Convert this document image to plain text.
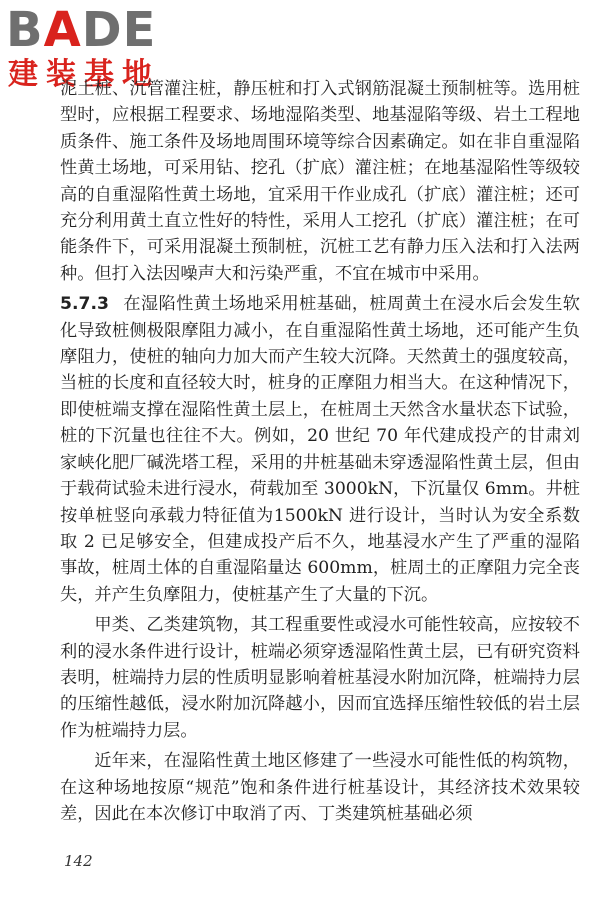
BADE
建装基地

泥土桩、沉管灌注桩，静压桩和打入式钢筋混凝土预制桩等。选用桩型时，应根据工程要求、场地湿陷类型、地基湿陷等级、岩土工程地质条件、施工条件及场地周围环境等综合因素确定。如在非自重湿陷性黄土场地，可采用钻、挖孔（扩底）灌注桩；在地基湿陷性等级较高的自重湿陷性黄土场地，宜采用干作业成孔（扩底）灌注桩；还可充分利用黄土直立性好的特性，采用人工挖孔（扩底）灌注桩；在可能条件下，可采用混凝土预制桩，沉桩工艺有静力压入法和打入法两种。但打入法因噪声大和污染严重，不宜在城市中采用。

5.7.3 在湿陷性黄土场地采用桩基础，桩周黄土在浸水后会发生软化导致桩侧极限摩阻力减小，在自重湿陷性黄土场地，还可能产生负摩阻力，使桩的轴向力加大而产生较大沉降。天然黄土的强度较高，当桩的长度和直径较大时，桩身的正摩阻力相当大。在这种情况下，即使桩端支撑在湿陷性黄土层上，在桩周土天然含水量状态下试验，桩的下沉量也往往不大。例如，20 世纪 70 年代建成投产的甘肃刘家峡化肥厂碱洗塔工程，采用的井桩基础未穿透湿陷性黄土层，但由于载荷试验未进行浸水，荷载加至 3000kN，下沉量仅 6mm。井桩按单桩竖向承载力特征值为1500kN 进行设计，当时认为安全系数取 2 已足够安全，但建成投产后不久，地基浸水产生了严重的湿陷事故，桩周土体的自重湿陷量达 600mm，桩周土的正摩阻力完全丧失，并产生负摩阻力，使桩基产生了大量的下沉。

甲类、乙类建筑物，其工程重要性或浸水可能性较高，应按较不利的浸水条件进行设计，桩端必须穿透湿陷性黄土层，已有研究资料表明，桩端持力层的性质明显影响着桩基浸水附加沉降，桩端持力层的压缩性越低，浸水附加沉降越小，因而宜选择压缩性较低的岩土层作为桩端持力层。

近年来，在湿陷性黄土地区修建了一些浸水可能性低的构筑物，在这种场地按原“规范”饱和条件进行桩基设计，其经济技术效果较差，因此在本次修订中取消了丙、丁类建筑桩基础必须

142
